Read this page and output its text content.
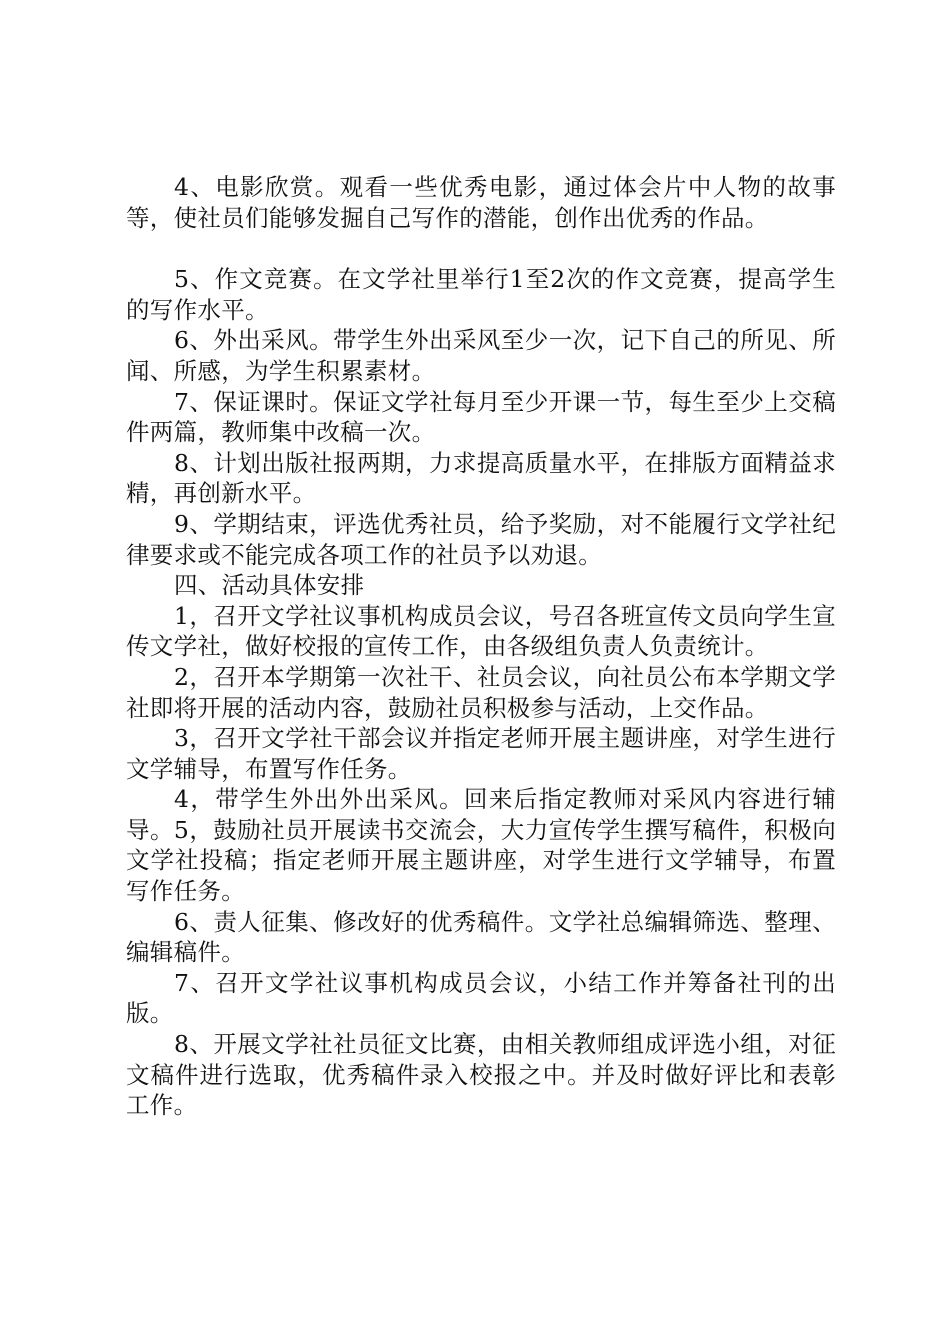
4、电影欣赏。观看一些优秀电影，通过体会片中人物的故事等，使社员们能够发掘自己写作的潜能，创作出优秀的作品。

5、作文竞赛。在文学社里举行1至2次的作文竞赛，提高学生的写作水平。

6、外出采风。带学生外出采风至少一次，记下自己的所见、所闻、所感，为学生积累素材。

7、保证课时。保证文学社每月至少开课一节，每生至少上交稿件两篇，教师集中改稿一次。

8、计划出版社报两期，力求提高质量水平，在排版方面精益求精，再创新水平。

9、学期结束，评选优秀社员，给予奖励，对不能履行文学社纪律要求或不能完成各项工作的社员予以劝退。

四、活动具体安排

1，召开文学社议事机构成员会议，号召各班宣传文员向学生宣传文学社，做好校报的宣传工作，由各级组负责人负责统计。

2，召开本学期第一次社干、社员会议，向社员公布本学期文学社即将开展的活动内容，鼓励社员积极参与活动，上交作品。

3，召开文学社干部会议并指定老师开展主题讲座，对学生进行文学辅导，布置写作任务。

4，带学生外出外出采风。回来后指定教师对采风内容进行辅导。5，鼓励社员开展读书交流会，大力宣传学生撰写稿件，积极向文学社投稿；指定老师开展主题讲座，对学生进行文学辅导，布置写作任务。

6、责人征集、修改好的优秀稿件。文学社总编辑筛选、整理、编辑稿件。

7、召开文学社议事机构成员会议，小结工作并筹备社刊的出版。

8、开展文学社社员征文比赛，由相关教师组成评选小组，对征文稿件进行选取，优秀稿件录入校报之中。并及时做好评比和表彰工作。
